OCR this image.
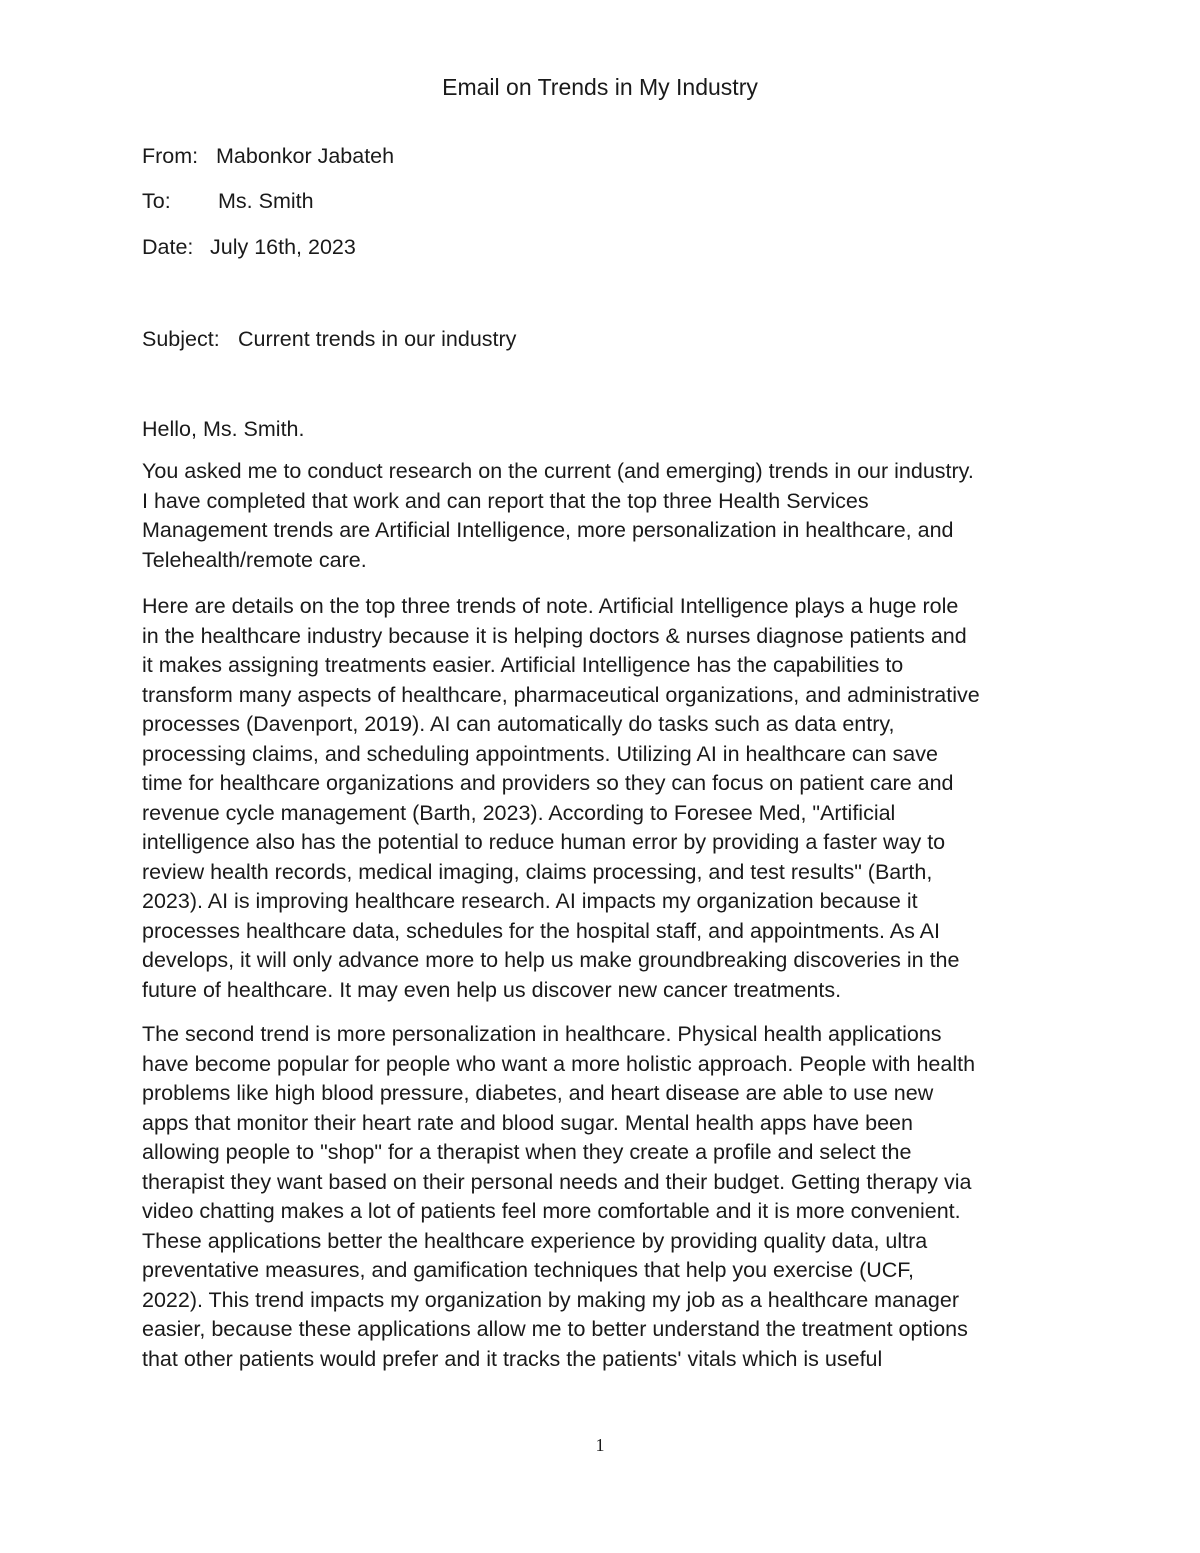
Email on Trends in My Industry
From: Mabonkor Jabateh
To: Ms. Smith
Date: July 16th, 2023
Subject: Current trends in our industry
Hello, Ms. Smith.

You asked me to conduct research on the current (and emerging) trends in our industry.
I have completed that work and can report that the top three Health Services
Management trends are Artificial Intelligence, more personalization in healthcare, and
Telehealth/remote care.

Here are details on the top three trends of note. Artificial Intelligence plays a huge role
in the healthcare industry because it is helping doctors & nurses diagnose patients and
it makes assigning treatments easier. Artificial Intelligence has the capabilities to
transform many aspects of healthcare, pharmaceutical organizations, and administrative
processes (Davenport, 2019). AI can automatically do tasks such as data entry,
processing claims, and scheduling appointments. Utilizing AI in healthcare can save
time for healthcare organizations and providers so they can focus on patient care and
revenue cycle management (Barth, 2023). According to Foresee Med, "Artificial
intelligence also has the potential to reduce human error by providing a faster way to
review health records, medical imaging, claims processing, and test results" (Barth,
2023). AI is improving healthcare research. AI impacts my organization because it
processes healthcare data, schedules for the hospital staff, and appointments. As AI
develops, it will only advance more to help us make groundbreaking discoveries in the
future of healthcare. It may even help us discover new cancer treatments.

The second trend is more personalization in healthcare. Physical health applications
have become popular for people who want a more holistic approach. People with health
problems like high blood pressure, diabetes, and heart disease are able to use new
apps that monitor their heart rate and blood sugar. Mental health apps have been
allowing people to "shop" for a therapist when they create a profile and select the
therapist they want based on their personal needs and their budget. Getting therapy via
video chatting makes a lot of patients feel more comfortable and it is more convenient.
These applications better the healthcare experience by providing quality data, ultra
preventative measures, and gamification techniques that help you exercise (UCF,
2022). This trend impacts my organization by making my job as a healthcare manager
easier, because these applications allow me to better understand the treatment options
that other patients would prefer and it tracks the patients' vitals which is useful

1
